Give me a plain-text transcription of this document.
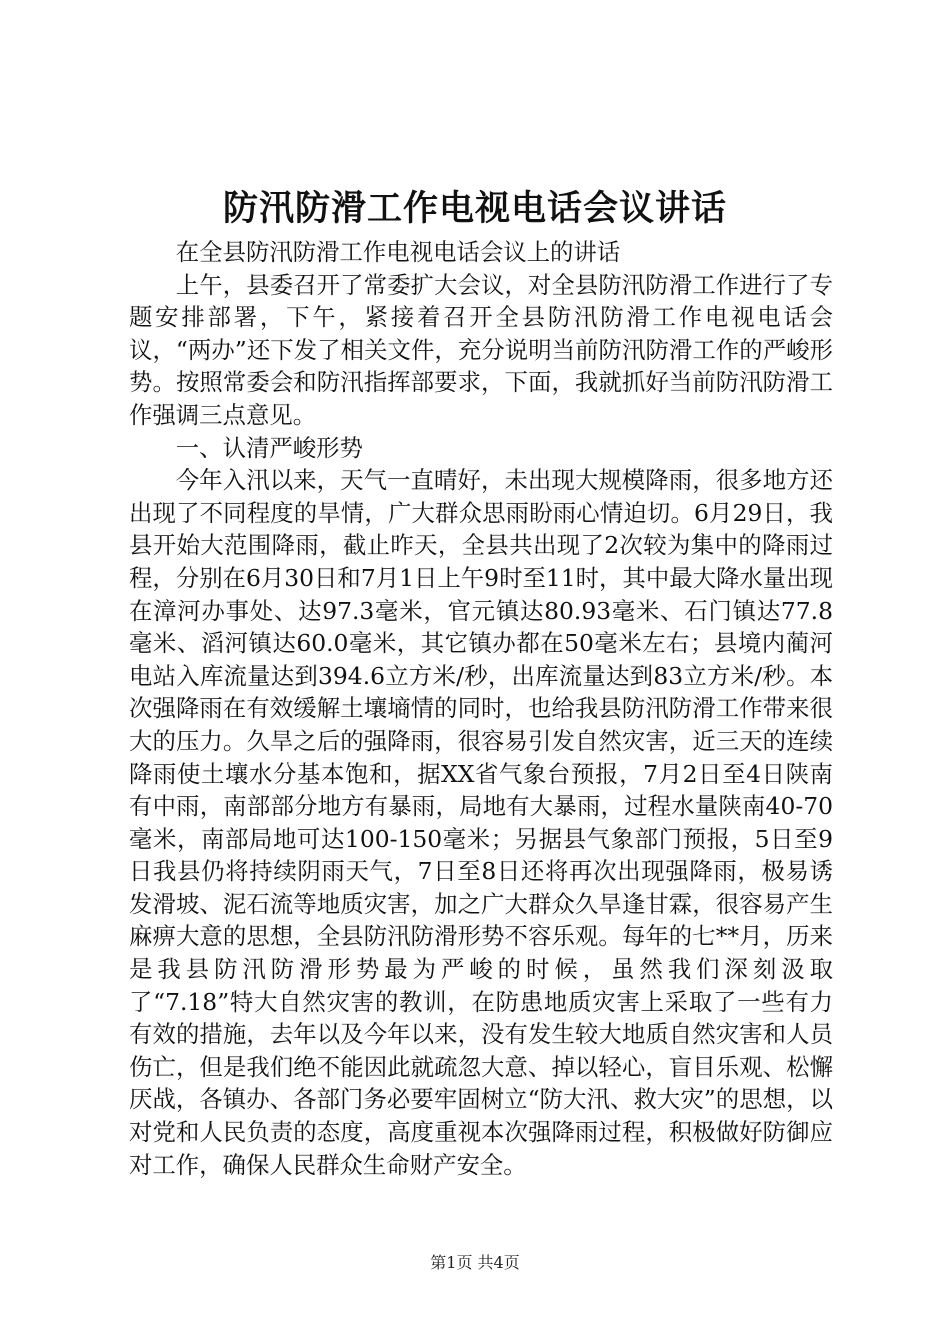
防汛防滑工作电视电话会议讲话

在全县防汛防滑工作电视电话会议上的讲话

上午，县委召开了常委扩大会议，对全县防汛防滑工作进行了专题安排部署，下午，紧接着召开全县防汛防滑工作电视电话会议，“两办”还下发了相关文件，充分说明当前防汛防滑工作的严峻形势。按照常委会和防汛指挥部要求，下面，我就抓好当前防汛防滑工作强调三点意见。

一、认清严峻形势

今年入汛以来，天气一直晴好，未出现大规模降雨，很多地方还出现了不同程度的旱情，广大群众思雨盼雨心情迫切。6月29日，我县开始大范围降雨，截止昨天，全县共出现了2次较为集中的降雨过程，分别在6月30日和7月1日上午9时至11时，其中最大降水量出现在漳河办事处、达97.3毫米，官元镇达80.93毫米、石门镇达77.8毫米、滔河镇达60.0毫米，其它镇办都在50毫米左右；县境内蔺河电站入库流量达到394.6立方米/秒，出库流量达到83立方米/秒。本次强降雨在有效缓解土壤墒情的同时，也给我县防汛防滑工作带来很大的压力。久旱之后的强降雨，很容易引发自然灾害，近三天的连续降雨使土壤水分基本饱和，据XX省气象台预报，7月2日至4日陕南有中雨，南部部分地方有暴雨，局地有大暴雨，过程水量陕南40-70毫米，南部局地可达100-150毫米；另据县气象部门预报，5日至9日我县仍将持续阴雨天气，7日至8日还将再次出现强降雨，极易诱发滑坡、泥石流等地质灾害，加之广大群众久旱逢甘霖，很容易产生麻痹大意的思想，全县防汛防滑形势不容乐观。每年的七**月，历来是我县防汛防滑形势最为严峻的时候，虽然我们深刻汲取了“7.18”特大自然灾害的教训，在防患地质灾害上采取了一些有力有效的措施，去年以及今年以来，没有发生较大地质自然灾害和人员伤亡，但是我们绝不能因此就疏忽大意、掉以轻心，盲目乐观、松懈厌战，各镇办、各部门务必要牢固树立“防大汛、救大灾”的思想，以对党和人民负责的态度，高度重视本次强降雨过程，积极做好防御应对工作，确保人民群众生命财产安全。

第1页 共4页
